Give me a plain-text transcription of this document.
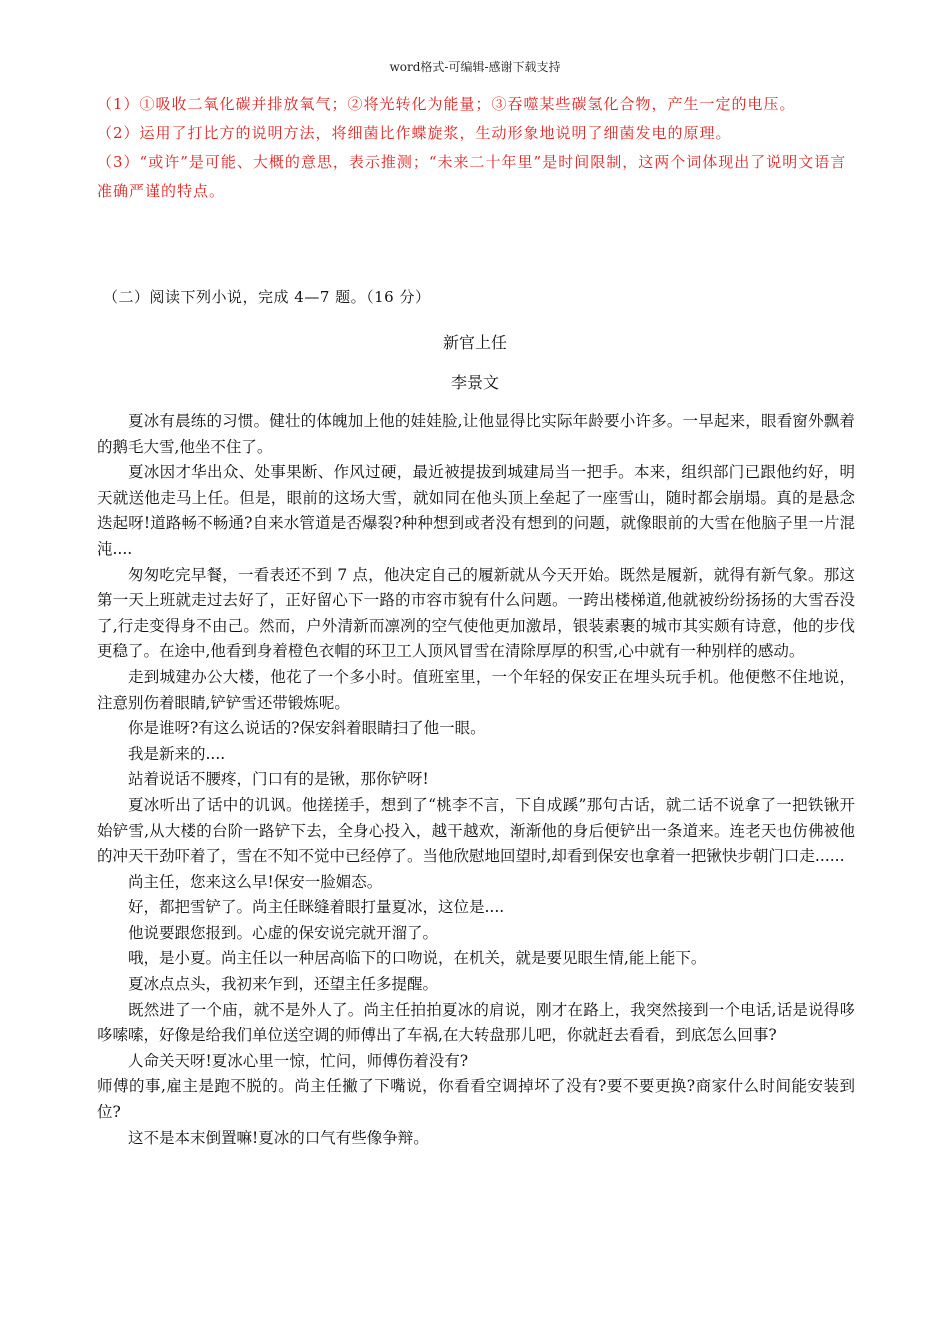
word格式-可编辑-感谢下载支持

（1）①吸收二氧化碳并排放氧气；②将光转化为能量；③吞噬某些碳氢化合物，产生一定的电压。

（2）运用了打比方的说明方法，将细菌比作蝶旋浆，生动形象地说明了细菌发电的原理。

（3）“或许”是可能、大概的意思，表示推测；“未来二十年里”是时间限制，这两个词体现出了说明文语言准确严谨的特点。

（二）阅读下列小说，完成 4—7 题。（16 分）
新官上任
李景文

夏冰有晨练的习惯。健壮的体魄加上他的娃娃脸,让他显得比实际年龄要小许多。一早起来，眼看窗外飘着的鹅毛大雪,他坐不住了。

夏冰因才华出众、处事果断、作风过硬，最近被提拔到城建局当一把手。本来，组织部门已跟他约好，明天就送他走马上任。但是，眼前的这场大雪，就如同在他头顶上垒起了一座雪山，随时都会崩塌。真的是悬念迭起呀!道路畅不畅通?自来水管道是否爆裂?种种想到或者没有想到的问题，就像眼前的大雪在他脑子里一片混沌....

匆匆吃完早餐，一看表还不到 7 点，他决定自己的履新就从今天开始。既然是履新，就得有新气象。那这第一天上班就走过去好了，正好留心下一路的市容市貌有什么问题。一跨出楼梯道,他就被纷纷扬扬的大雪吞没了,行走变得身不由己。然而，户外清新而凛冽的空气使他更加激昂，银装素裹的城市其实颇有诗意，他的步伐更稳了。在途中,他看到身着橙色衣帽的环卫工人顶风冒雪在清除厚厚的积雪,心中就有一种别样的感动。

走到城建办公大楼，他花了一个多小时。值班室里，一个年轻的保安正在埋头玩手机。他便憋不住地说，注意别伤着眼睛,铲铲雪还带锻炼呢。

你是谁呀?有这么说话的?保安斜着眼睛扫了他一眼。

我是新来的....

站着说话不腰疼，门口有的是锹，那你铲呀!

夏冰听出了话中的讥讽。他搓搓手，想到了“桃李不言，下自成蹊”那句古话，就二话不说拿了一把铁锹开始铲雪,从大楼的台阶一路铲下去，全身心投入，越干越欢，渐渐他的身后便铲出一条道来。连老天也仿佛被他的冲天干劲吓着了，雪在不知不觉中已经停了。当他欣慰地回望时,却看到保安也拿着一把锹快步朝门口走......

尚主任，您来这么早!保安一脸媚态。

好，都把雪铲了。尚主任眯缝着眼打量夏冰，这位是....

他说要跟您报到。心虚的保安说完就开溜了。

哦，是小夏。尚主任以一种居高临下的口吻说，在机关，就是要见眼生情,能上能下。

夏冰点点头，我初来乍到，还望主任多提醒。

既然进了一个庙，就不是外人了。尚主任拍拍夏冰的肩说，刚才在路上，我突然接到一个电话,话是说得哆哆嗦嗦，好像是给我们单位送空调的师傅出了车祸,在大转盘那儿吧，你就赶去看看，到底怎么回事?

人命关天呀!夏冰心里一惊，忙问，师傅伤着没有?

师傅的事,雇主是跑不脱的。尚主任撇了下嘴说，你看看空调掉坏了没有?要不要更换?商家什么时间能安装到位?

这不是本末倒置嘛!夏冰的口气有些像争辩。
